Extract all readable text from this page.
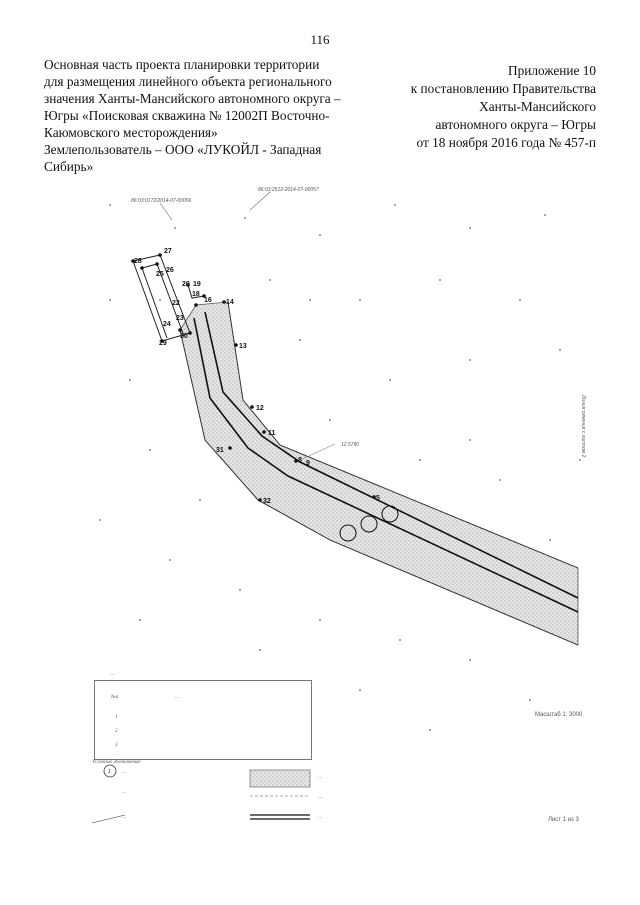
116
Основная часть проекта планировки территории
для размещения линейного объекта регионального
значения Ханты-Мансийского автономного округа –
Югры «Поисковая скважина № 12002П Восточно-
Каюмовского месторождения»
Землепользователь – ООО «ЛУКОЙЛ - Западная
Сибирь»
Приложение 10
к постановлению Правительства
Ханты-Мансийского
автономного округа – Югры
от 18 ноября 2016 года № 457-п
27
28
26
25
20 19
18
16 14
22
23
24
30
29	13
12
11
31
8 9
12,5790
5
32
86:03:2512-2014-07-00057
86:03:0172/2014-07-00056
Линия сечения с листом 2
1
…
№п	…
1
2
3
Условные обозначения:
…
…
…
…
…
…
Масштаб 1: 3000
Лист 1 из 3
